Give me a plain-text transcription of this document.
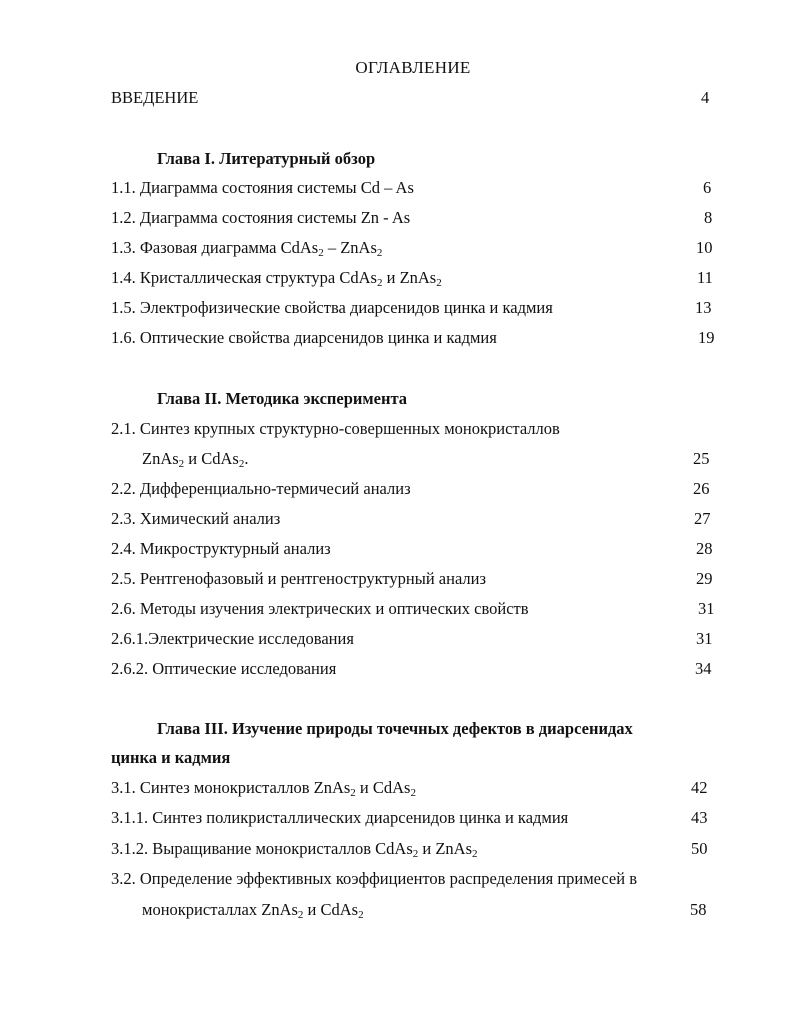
ОГЛАВЛЕНИЕ
ВВЕДЕНИЕ	4
Глава I. Литературный обзор
1.1. Диаграмма состояния системы Cd – As	6
1.2. Диаграмма состояния системы Zn - As	8
1.3. Фазовая диаграмма CdAs$_2$ – ZnAs$_2$	10
1.4. Кристаллическая структура CdAs$_2$ и ZnAs$_2$	11
1.5. Электрофизические свойства диарсенидов цинка и кадмия	13
1.6. Оптические свойства диарсенидов цинка и кадмия	19
Глава II. Методика эксперимента
2.1. Синтез крупных структурно-совершенных монокристаллов
ZnAs$_2$ и CdAs$_2$.	25
2.2. Дифференциально-термичесий анализ	26
2.3. Химический анализ	27
2.4. Микроструктурный анализ	28
2.5. Рентгенофазовый и рентгеноструктурный анализ	29
2.6. Методы изучения электрических и оптических свойств	31
2.6.1.Электрические исследования	31
2.6.2. Оптические исследования	34
Глава III. Изучение природы точечных дефектов в диарсенидах
цинка и кадмия
3.1. Синтез монокристаллов ZnAs$_2$ и CdAs$_2$	42
3.1.1. Синтез поликристаллических диарсенидов цинка и кадмия	43
3.1.2. Выращивание монокристаллов CdAs$_2$ и ZnAs$_2$	50
3.2. Определение эффективных коэффициентов распределения примесей в
монокристаллах ZnAs$_2$ и CdAs$_2$	58
